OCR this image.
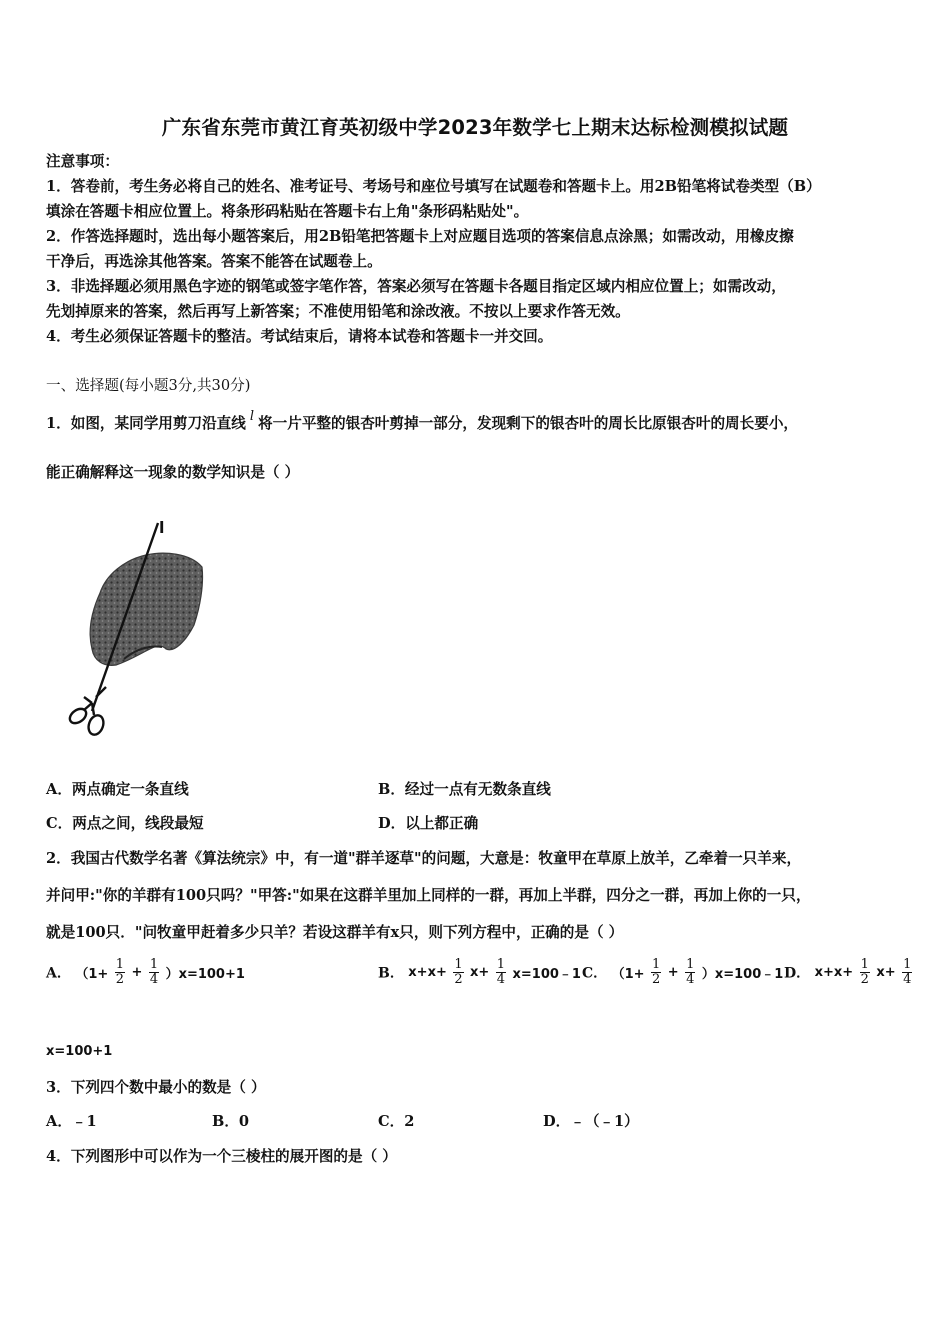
广东省东莞市黄江育英初级中学2023年数学七上期末达标检测模拟试题
注意事项：
1．答卷前，考生务必将自己的姓名、准考证号、考场号和座位号填写在试题卷和答题卡上。用2B铅笔将试卷类型（B）
填涂在答题卡相应位置上。将条形码粘贴在答题卡右上角"条形码粘贴处"。
2．作答选择题时，选出每小题答案后，用2B铅笔把答题卡上对应题目选项的答案信息点涂黑；如需改动，用橡皮擦
干净后，再选涂其他答案。答案不能答在试题卷上。
3．非选择题必须用黑色字迹的钢笔或签字笔作答，答案必须写在答题卡各题目指定区域内相应位置上；如需改动，
先划掉原来的答案，然后再写上新答案；不准使用铅笔和涂改液。不按以上要求作答无效。
4．考生必须保证答题卡的整洁。考试结束后，请将本试卷和答题卡一并交回。
一、选择题(每小题3分,共30分)
1．如图，某同学用剪刀沿直线 l 将一片平整的银杏叶剪掉一部分，发现剩下的银杏叶的周长比原银杏叶的周长要小，
能正确解释这一现象的数学知识是（ ）
l
A．两点确定一条直线	B．经过一点有无数条直线
C．两点之间，线段最短	D．以上都正确
2．我国古代数学名著《算法统宗》中，有一道"群羊逐草"的问题，大意是：牧童甲在草原上放羊，乙牵着一只羊来，
并问甲:"你的羊群有100只吗？"甲答:"如果在这群羊里加上同样的一群，再加上半群，四分之一群，再加上你的一只，
就是100只．"问牧童甲赶着多少只羊？若设这群羊有x只，则下列方程中，正确的是（ ）
A． $(1+ \frac{1}{2} + \frac{1}{4} )x=100+1$	B． $x+x+ \frac{1}{2} x+ \frac{1}{4}$ x=100﹣1 C． （$1+ \frac{1}{2} + \frac{1}{4}$ ）x=100﹣1 D． $x+x+ \frac{1}{2} x+ \frac{1}{4}$
x=100+1
3．下列四个数中最小的数是（ ）
A．﹣1	B．0	C．2	D．﹣（﹣1）
4．下列图形中可以作为一个三棱柱的展开图的是（ ）
